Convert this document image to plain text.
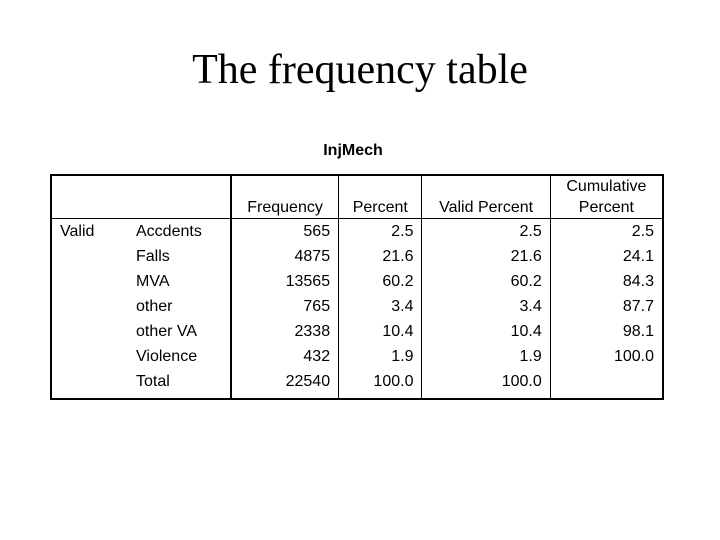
The frequency table
InjMech
		Frequency	Percent	Valid Percent	Cumulative
Percent
Valid	Accdents	565	2.5	2.5	2.5
	Falls	4875	21.6	21.6	24.1
	MVA	13565	60.2	60.2	84.3
	other	765	3.4	3.4	87.7
	other VA	2338	10.4	10.4	98.1
	Violence	432	1.9	1.9	100.0
	Total	22540	100.0	100.0	
